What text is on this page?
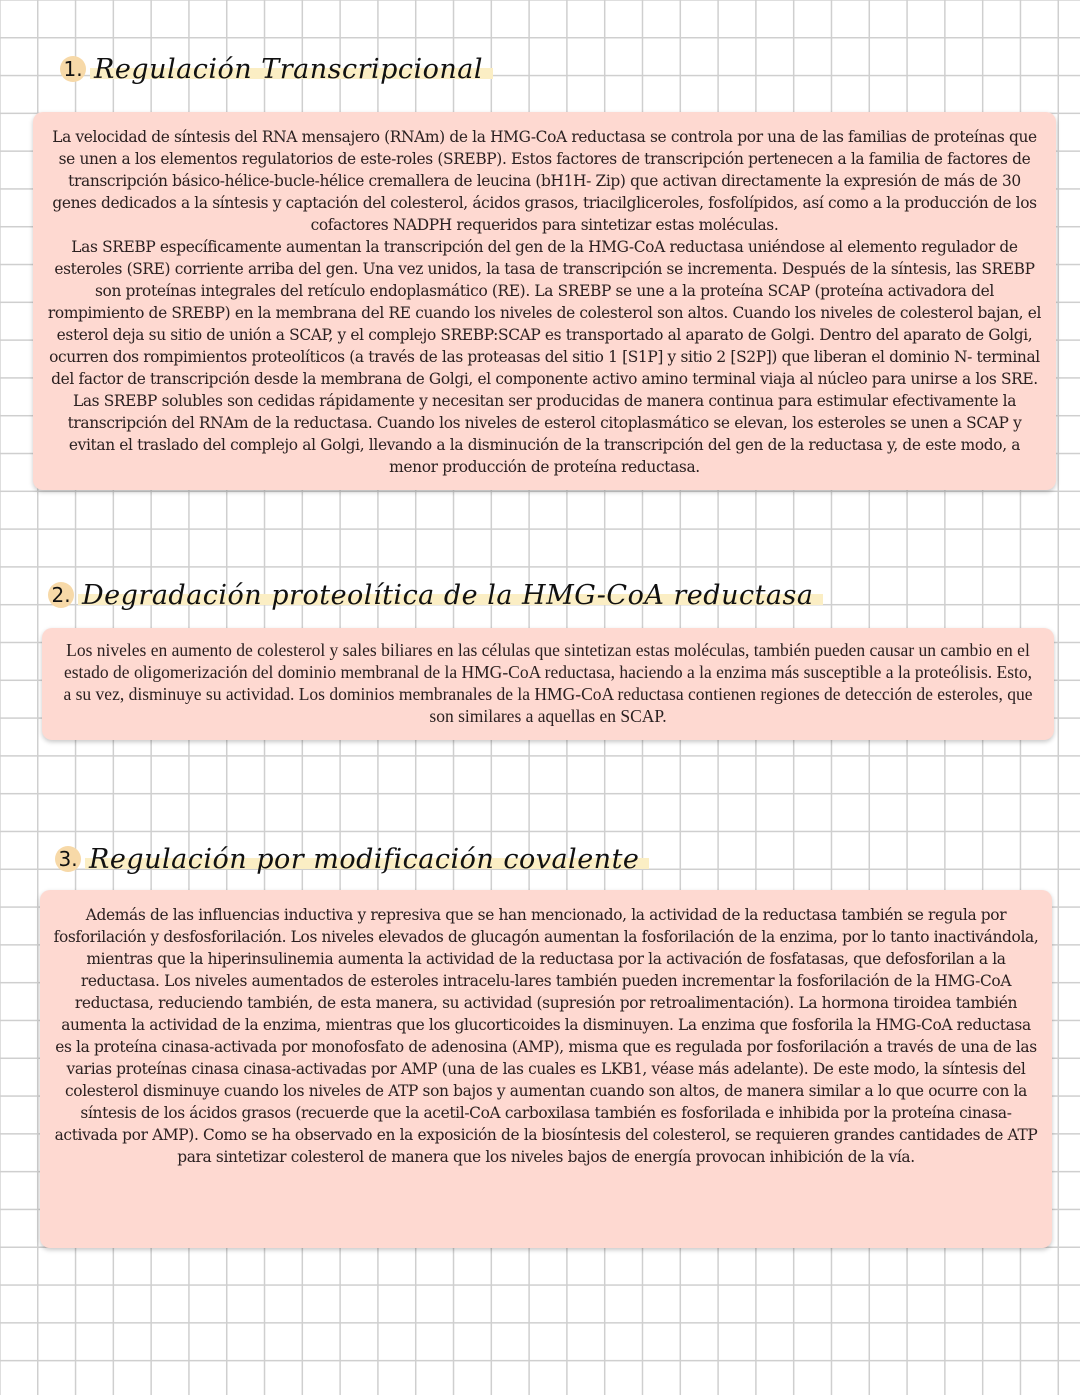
1 . Regulación Transcripcional

La velocidad de síntesis del RNA mensajero (RNAm) de la HMG-CoA reductasa se controla por una de las familias de proteínas que se unen a los elementos regulatorios de este-roles (SREBP). Estos factores de transcripción pertenecen a la familia de factores de transcripción básico-hélice-bucle-hélice cremallera de leucina (bH1H- Zip) que activan directamente la expresión de más de 30 genes dedicados a la síntesis y captación del colesterol, ácidos grasos, triacilgliceroles, fosfolípidos, así como a la producción de los cofactores NADPH requeridos para sintetizar estas moléculas.

Las SREBP específicamente aumentan la transcripción del gen de la HMG-CoA reductasa uniéndose al elemento regulador de esteroles (SRE) corriente arriba del gen. Una vez unidos, la tasa de transcripción se incrementa. Después de la síntesis, las SREBP son proteínas integrales del retículo endoplasmático (RE). La SREBP se une a la proteína SCAP (proteína activadora del rompimiento de SREBP) en la membrana del RE cuando los niveles de colesterol son altos. Cuando los niveles de colesterol bajan, el esterol deja su sitio de unión a SCAP, y el complejo SREBP:SCAP es transportado al aparato de Golgi. Dentro del aparato de Golgi, ocurren dos rompimientos proteolíticos (a través de las proteasas del sitio 1 [S1P] y sitio 2 [S2P]) que liberan el dominio N- terminal del factor de transcripción desde la membrana de Golgi, el componente activo amino terminal viaja al núcleo para unirse a los SRE. Las SREBP solubles son cedidas rápidamente y necesitan ser producidas de manera continua para estimular efectivamente la transcripción del RNAm de la reductasa. Cuando los niveles de esterol citoplasmático se elevan, los esteroles se unen a SCAP y evitan el traslado del complejo al Golgi, llevando a la disminución de la transcripción del gen de la reductasa y, de este modo, a menor producción de proteína reductasa.

2 . Degradación proteolítica de la HMG-CoA reductasa

Los niveles en aumento de colesterol y sales biliares en las células que sintetizan estas moléculas, también pueden causar un cambio en el estado de oligomerización del dominio membranal de la HMG-CoA reductasa, haciendo a la enzima más susceptible a la proteólisis. Esto, a su vez, disminuye su actividad. Los dominios membranales de la HMG-CoA reductasa contienen regiones de detección de esteroles, que son similares a aquellas en SCAP.

3 . Regulación por modificación covalente

Además de las influencias inductiva y represiva que se han mencionado, la actividad de la reductasa también se regula por fosforilación y desfosforilación. Los niveles elevados de glucagón aumentan la fosforilación de la enzima, por lo tanto inactivándola, mientras que la hiperinsulinemia aumenta la actividad de la reductasa por la activación de fosfatasas, que defosforilan a la reductasa. Los niveles aumentados de esteroles intracelu-lares también pueden incrementar la fosforilación de la HMG-CoA reductasa, reduciendo también, de esta manera, su actividad (supresión por retroalimentación). La hormona tiroidea también aumenta la actividad de la enzima, mientras que los glucorticoides la disminuyen. La enzima que fosforila la HMG-CoA reductasa es la proteína cinasa-activada por monofosfato de adenosina (AMP), misma que es regulada por fosforilación a través de una de las varias proteínas cinasa cinasa-activadas por AMP (una de las cuales es LKB1, véase más adelante). De este modo, la síntesis del colesterol disminuye cuando los niveles de ATP son bajos y aumentan cuando son altos, de manera similar a lo que ocurre con la síntesis de los ácidos grasos (recuerde que la acetil-CoA carboxilasa también es fosforilada e inhibida por la proteína cinasa-activada por AMP). Como se ha observado en la exposición de la biosíntesis del colesterol, se requieren grandes cantidades de ATP para sintetizar colesterol de manera que los niveles bajos de energía provocan inhibición de la vía.
